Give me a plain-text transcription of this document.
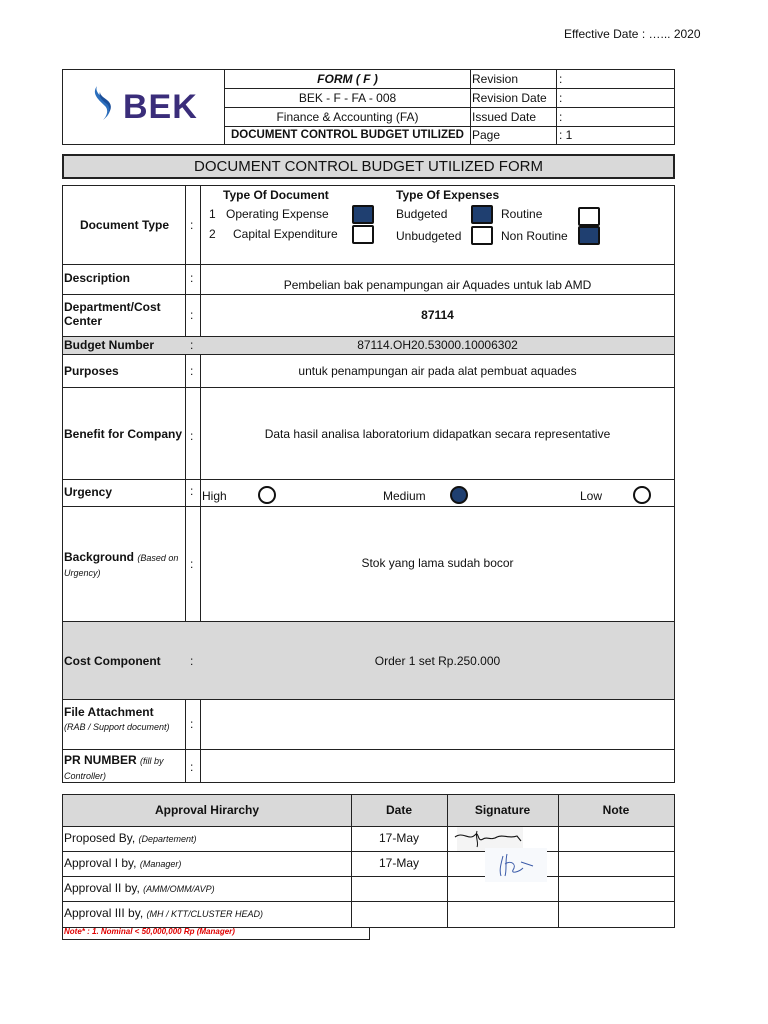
Effective Date : …... 2020
BEK
FORM ( F )	Revision	:
BEK - F - FA - 008	Revision Date	:
Finance & Accounting (FA)	Issued Date	:
DOCUMENT CONTROL BUDGET UTILIZED Page	: 1
DOCUMENT CONTROL BUDGET UTILIZED FORM
Document Type	:
Type Of Document	Type Of Expenses
1 Operating Expense
2 Capital Expenditure
Budgeted	Routine
Unbudgeted	Non Routine
Description	:	Pembelian bak penampungan air Aquades untuk lab AMD
Department/Cost Center	:	87114
Budget Number	:	87114.OH20.53000.10006302
Purposes	:	untuk penampungan air pada alat pembuat aquades
Benefit for Company :	Data hasil analisa laboratorium didapatkan secara representative
Urgency	: High	Medium	Low
Background (Based on Urgency)
:	Stok yang lama sudah bocor
Cost Component	:	Order 1 set Rp.250.000
File Attachment
(RAB / Support document)	:
PR NUMBER (fill by Controller)
:
Approval Hirarchy	Date	Signature	Note
Proposed By, (Departement)	17-May
Approval I by, (Manager)	17-May
Approval II by, (AMM/OMM/AVP)
Approval III by, (MH / KTT/CLUSTER HEAD)
Note* : 1. Nominal < 50,000,000 Rp (Manager)
